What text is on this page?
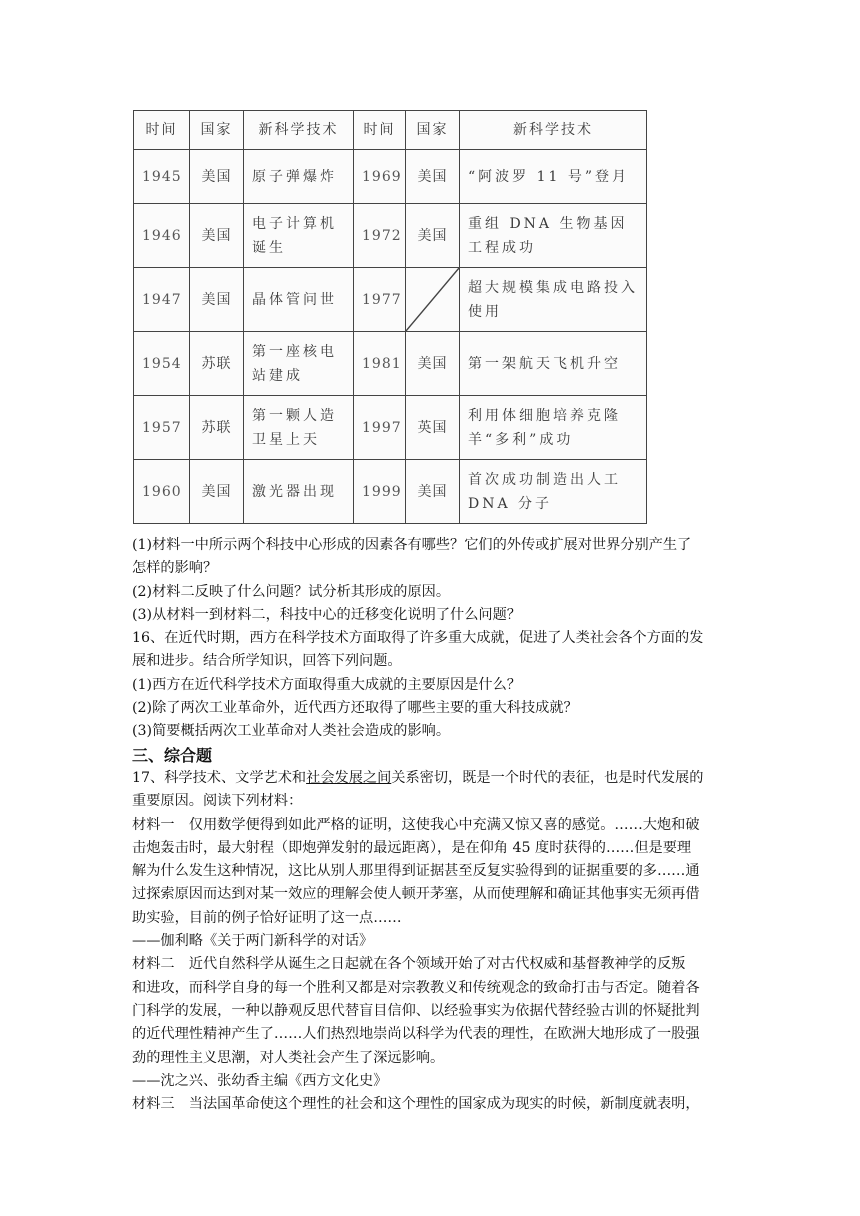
时间	国家	新科学技术	时间	国家	新科学技术
1945	美国	原子弹爆炸	1969	美国	“阿波罗 11 号”登月
1946	美国	电子计算机诞生	1972	美国	重组 DNA 生物基因工程成功
1947	美国	晶体管问世	1977		超大规模集成电路投入使用
1954	苏联	第一座核电站建成	1981	美国	第一架航天飞机升空
1957	苏联	第一颗人造卫星上天	1997	英国	利用体细胞培养克隆羊“多利”成功
1960	美国	激光器出现	1999	美国	首次成功制造出人工 DNA 分子

(1)材料一中所示两个科技中心形成的因素各有哪些？它们的外传或扩展对世界分别产生了

怎样的影响？

(2)材料二反映了什么问题？试分析其形成的原因。

(3)从材料一到材料二，科技中心的迁移变化说明了什么问题？

16、在近代时期，西方在科学技术方面取得了许多重大成就，促进了人类社会各个方面的发

展和进步。结合所学知识，回答下列问题。

(1)西方在近代科学技术方面取得重大成就的主要原因是什么？

(2)除了两次工业革命外，近代西方还取得了哪些主要的重大科技成就？

(3)简要概括两次工业革命对人类社会造成的影响。

三、综合题

17、科学技术、文学艺术和社会发展之间关系密切，既是一个时代的表征，也是时代发展的

重要原因。阅读下列材料：

材料一　仅用数学便得到如此严格的证明，这使我心中充满又惊又喜的感觉。……大炮和破

击炮轰击时，最大射程（即炮弹发射的最远距离），是在仰角 45 度时获得的……但是要理

解为什么发生这种情况，这比从别人那里得到证据甚至反复实验得到的证据重要的多……通

过探索原因而达到对某一效应的理解会使人顿开茅塞，从而使理解和确证其他事实无须再借

助实验，目前的例子恰好证明了这一点……

——伽利略《关于两门新科学的对话》

材料二　近代自然科学从诞生之日起就在各个领域开始了对古代权威和基督教神学的反叛

和进攻，而科学自身的每一个胜利又都是对宗教教义和传统观念的致命打击与否定。随着各

门科学的发展，一种以静观反思代替盲目信仰、以经验事实为依据代替经验古训的怀疑批判

的近代理性精神产生了……人们热烈地崇尚以科学为代表的理性，在欧洲大地形成了一股强

劲的理性主义思潮，对人类社会产生了深远影响。

——沈之兴、张幼香主编《西方文化史》

材料三　当法国革命使这个理性的社会和这个理性的国家成为现实的时候，新制度就表明，
